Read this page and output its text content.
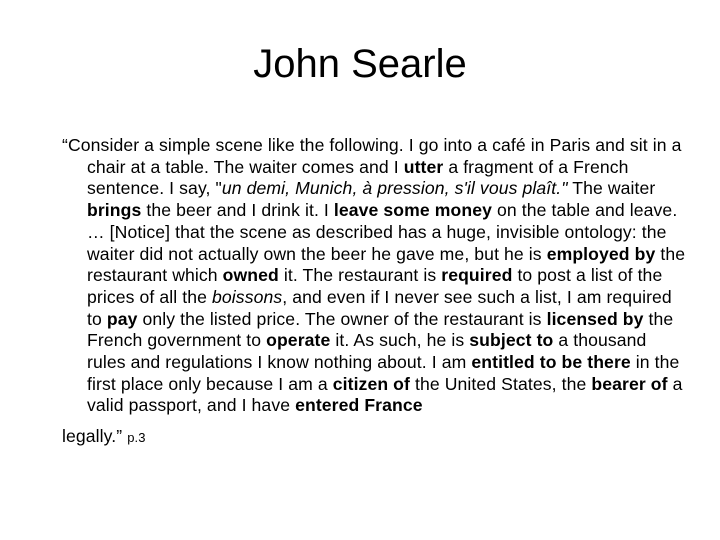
John Searle

“Consider a simple scene like the following. I go into a café in Paris and sit in a chair at a table. The waiter comes and I utter a fragment of a French sentence. I say, "un demi, Munich, à pression, s'il vous plaît." The waiter brings the beer and I drink it. I leave some money on the table and leave. … [Notice] that the scene as described has a huge, invisible ontology: the waiter did not actually own the beer he gave me, but he is employed by the restaurant which owned it. The restaurant is required to post a list of the prices of all the boissons, and even if I never see such a list, I am required to pay only the listed price. The owner of the restaurant is licensed by the French government to operate it. As such, he is subject to a thousand rules and regulations I know nothing about. I am entitled to be there in the first place only because I am a citizen of the United States, the bearer of a valid passport, and I have entered France
legally.” p.3
